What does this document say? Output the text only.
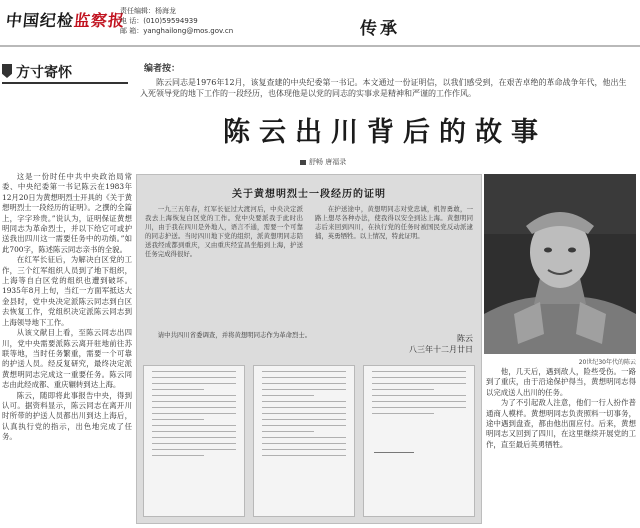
中国纪检监察报
责任编辑：杨海龙
电 话：(010)59594939
邮 箱：yanghailong@mos.gov.cn	传承
方寸寄怀	编者按：
陈云同志是1976年12月，该复查建的中央纪委第一书记。本文通过一份证明信，以我们感受到，在艰苦卓绝的革命战争年代，他出生入死领导党的地下工作的一段经历，也体现他是以党的同志的实事求是精神和严谨的工作作风。
陈云出川背后的故事
舒畅 唐福录

这是一份时任中共中央政治局常委、中央纪委第一书记陈云在1983年12月20日为黄想明烈士开具的《关于黄想明烈士一段经历的证明》。之撰的全篇上，字字珍贵。”说认为，证明保证黄想明同志为革命烈士，并以下给它可或护送我出四川这一需要任务中的功绩。”如此700字，陈述陈云同志亲书的全貌。

在红军长征后，为解决白区党的工作，三个红军组织人员到了地下组织，上海等自白区党的组织也遭到破坏。1935年8月上旬，当红一方面军抵达大金县时，党中央决定派陈云同志到白区去恢复工作，党组织决定派陈云同志到上海领导地下工作。

从该文献目上看，至陈云同志出四川，党中央需要派陈云离开驻地前往苏联等地，当时任务繁重，需要一个可靠的护送人员。经反复研究，最终决定派黄想明同志完成这一重要任务。陈云同志由此经成都、重庆辗转到达上海。

陈云，随即将此事报告中央，得到认可。据资料显示，陈云同志在离开川时所带的护送人员都出川到达上海后，认真执行党的指示，出色地完成了任务。

关于黄想明烈士一段经历的证明

一九三五年春，红军长征过大渡河后，中央决定派我去上海恢复白区党的工作。党中央要派我于此时出川，由于我在四川是外地人，语言不通，需要一个可靠的同志护送。当时四川地下党的组织，派黄想明同志陪送我经成都到重庆，又由重庆经宜昌坐船到上海，护送任务完成得很好。

在护送途中，黄想明同志对党忠诚，机智勇敢，一路上想尽各种办法，使我得以安全到达上海。黄想明同志后来回到四川，在执行党的任务时被国民党反动派逮捕，英勇牺牲。以上情况，特此证明。

请中共四川省委调查，并将黄想明同志作为革命烈士。	陈云
八三年十二月廿日
20世纪30年代的陈云

他，几天后，遇到敌人，险些受伤。一路到了重庆，由于沿途保护得当，黄想明同志得以完成送人出川的任务。

为了不引起敌人注意，他们一行人扮作普通商人模样。黄想明同志负责照料一切事务，途中遇到盘查，都由他出面应付。后来，黄想明同志又回到了四川，在这里继续开展党的工作，直至最后英勇牺牲。
